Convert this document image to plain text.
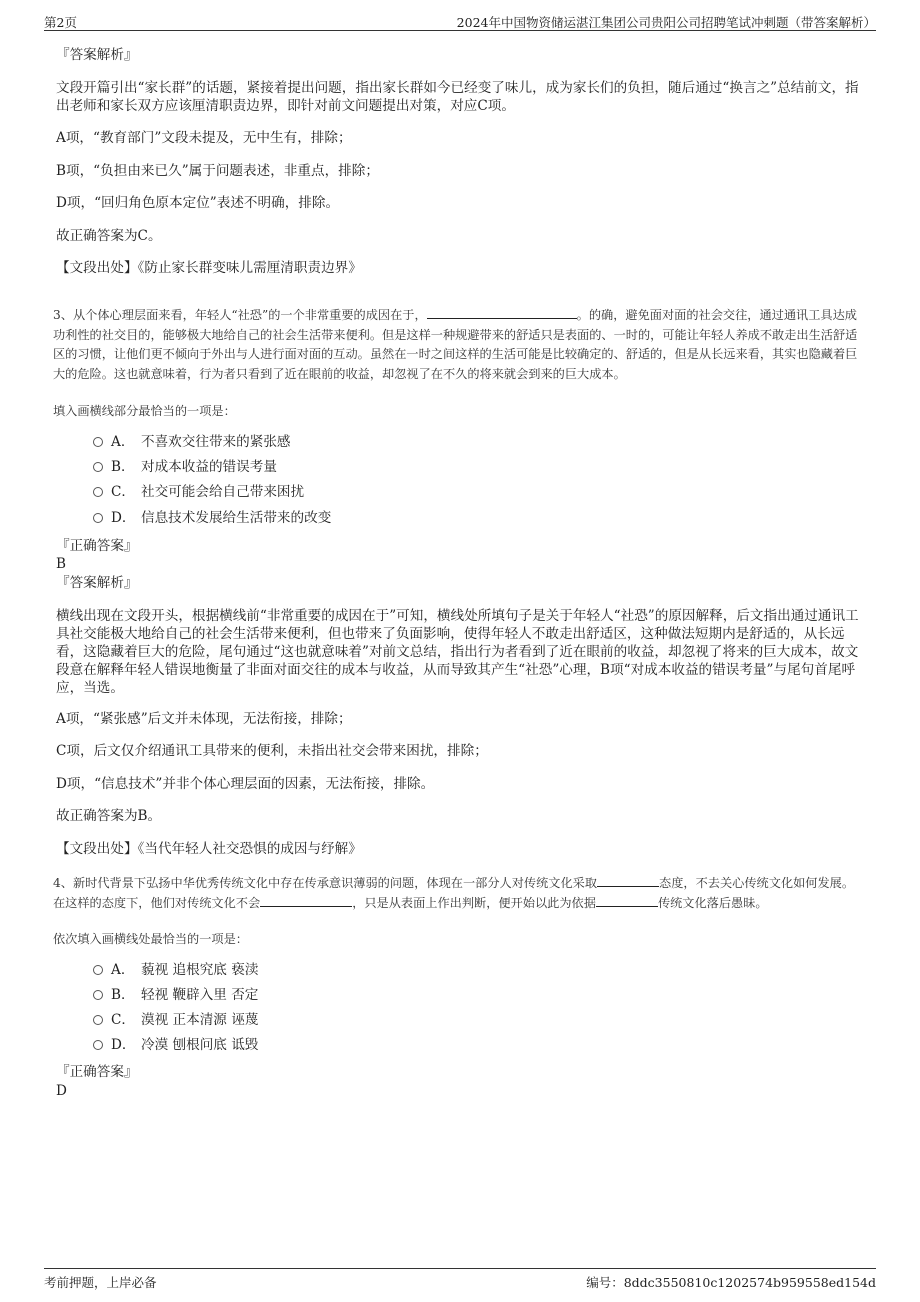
第2页	2024年中国物资储运湛江集团公司贵阳公司招聘笔试冲刺题（带答案解析）

『答案解析』

文段开篇引出“家长群”的话题，紧接着提出问题，指出家长群如今已经变了味儿，成为家长们的负担，随后通过“换言之”总结前文，指出老师和家长双方应该厘清职责边界，即针对前文问题提出对策，对应C项。

A项，“教育部门”文段未提及，无中生有，排除；

B项，“负担由来已久”属于问题表述，非重点，排除；

D项，“回归角色原本定位”表述不明确，排除。

故正确答案为C。

【文段出处】《防止家长群变味儿需厘清职责边界》

3、从个体心理层面来看，年轻人“社恐”的一个非常重要的成因在于，	。的确，避免面对面的社会交往，通过通讯工具达成功利性的社交目的，能够极大地给自己的社会生活带来便利。但是这样一种规避带来的舒适只是表面的、一时的，可能让年轻人养成不敢走出生活舒适区的习惯，让他们更不倾向于外出与人进行面对面的互动。虽然在一时之间这样的生活可能是比较确定的、舒适的，但是从长远来看，其实也隐藏着巨大的危险。这也就意味着，行为者只看到了近在眼前的收益，却忽视了在不久的将来就会到来的巨大成本。

填入画横线部分最恰当的一项是：
A． 不喜欢交往带来的紧张感
B． 对成本收益的错误考量
C． 社交可能会给自己带来困扰
D． 信息技术发展给生活带来的改变

『正确答案』

B

『答案解析』

横线出现在文段开头，根据横线前“非常重要的成因在于”可知，横线处所填句子是关于年轻人“社恐”的原因解释，后文指出通过通讯工具社交能极大地给自己的社会生活带来便利，但也带来了负面影响，使得年轻人不敢走出舒适区，这种做法短期内是舒适的，从长远看，这隐藏着巨大的危险，尾句通过“这也就意味着”对前文总结，指出行为者看到了近在眼前的收益，却忽视了将来的巨大成本，故文段意在解释年轻人错误地衡量了非面对面交往的成本与收益，从而导致其产生“社恐”心理，B项“对成本收益的错误考量”与尾句首尾呼应，当选。

A项，“紧张感”后文并未体现，无法衔接，排除；

C项，后文仅介绍通讯工具带来的便利，未指出社交会带来困扰，排除；

D项，“信息技术”并非个体心理层面的因素，无法衔接，排除。

故正确答案为B。

【文段出处】《当代年轻人社交恐惧的成因与纾解》

4、新时代背景下弘扬中华优秀传统文化中存在传承意识薄弱的问题，体现在一部分人对传统文化采取	态度，不去关心传统文化如何发展。在这样的态度下，他们对传统文化不会	，只是从表面上作出判断，便开始以此为依据	传统文化落后愚昧。

依次填入画横线处最恰当的一项是：
A． 藐视 追根究底 亵渎
B． 轻视 鞭辟入里 否定
C． 漠视 正本清源 诬蔑
D． 冷漠 刨根问底 诋毁

『正确答案』

D

考前押题，上岸必备	编号：8ddc3550810c1202574b959558ed154d
